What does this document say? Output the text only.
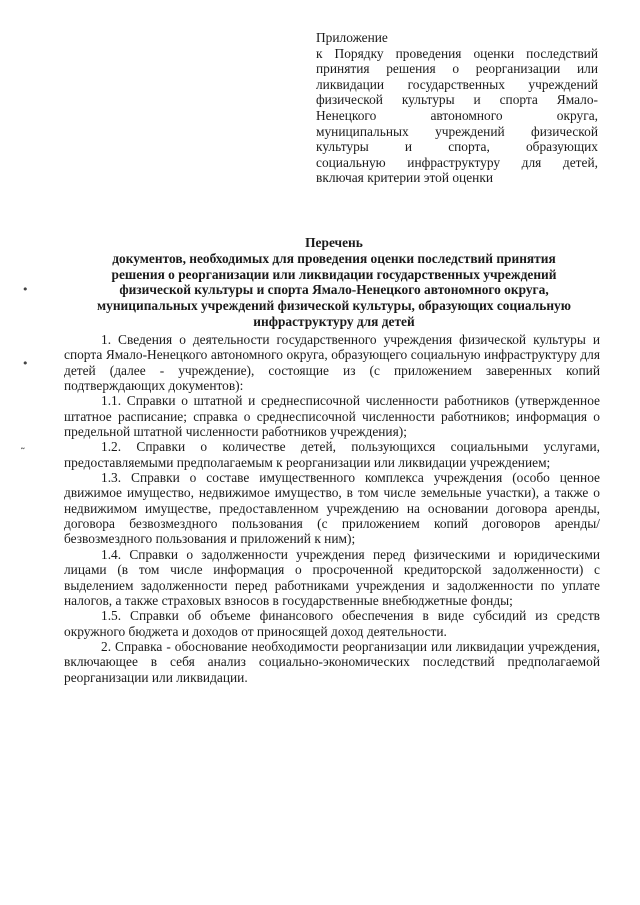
•
•
˜
Приложение
к Порядку проведения оценки последствий
принятия решения о реорганизации или
ликвидации государственных учреждений
физической культуры и спорта Ямало-
Ненецкого автономного округа,
муниципальных учреждений физической
культуры и спорта, образующих
социальную инфраструктуру для детей,
включая критерии этой оценки
Перечень
документов, необходимых для проведения оценки последствий принятия
решения о реорганизации или ликвидации государственных учреждений
физической культуры и спорта Ямало-Ненецкого автономного округа,
муниципальных учреждений физической культуры, образующих социальную
инфраструктуру для детей

1. Сведения о деятельности государственного учреждения физической культуры и спорта Ямало-Ненецкого автономного округа, образующего социальную инфраструктуру для детей (далее - учреждение), состоящие из (с приложением заверенных копий подтверждающих документов):

1.1. Справки о штатной и среднесписочной численности работников (утвержденное штатное расписание; справка о среднесписочной численности работников; информация о предельной штатной численности работников учреждения);

1.2. Справки о количестве детей, пользующихся социальными услугами, предоставляемыми предполагаемым к реорганизации или ликвидации учреждением;

1.3. Справки о составе имущественного комплекса учреждения (особо ценное движимое имущество, недвижимое имущество, в том числе земельные участки), а также о недвижимом имуществе, предоставленном учреждению на основании договора аренды, договора безвозмездного пользования (с приложением копий договоров аренды/безвозмездного пользования и приложений к ним);

1.4. Справки о задолженности учреждения перед физическими и юридическими лицами (в том числе информация о просроченной кредиторской задолженности) с выделением задолженности перед работниками учреждения и задолженности по уплате налогов, а также страховых взносов в государственные внебюджетные фонды;

1.5. Справки об объеме финансового обеспечения в виде субсидий из средств окружного бюджета и доходов от приносящей доход деятельности.

2. Справка - обоснование необходимости реорганизации или ликвидации учреждения, включающее в себя анализ социально-экономических последствий предполагаемой реорганизации или ликвидации.
